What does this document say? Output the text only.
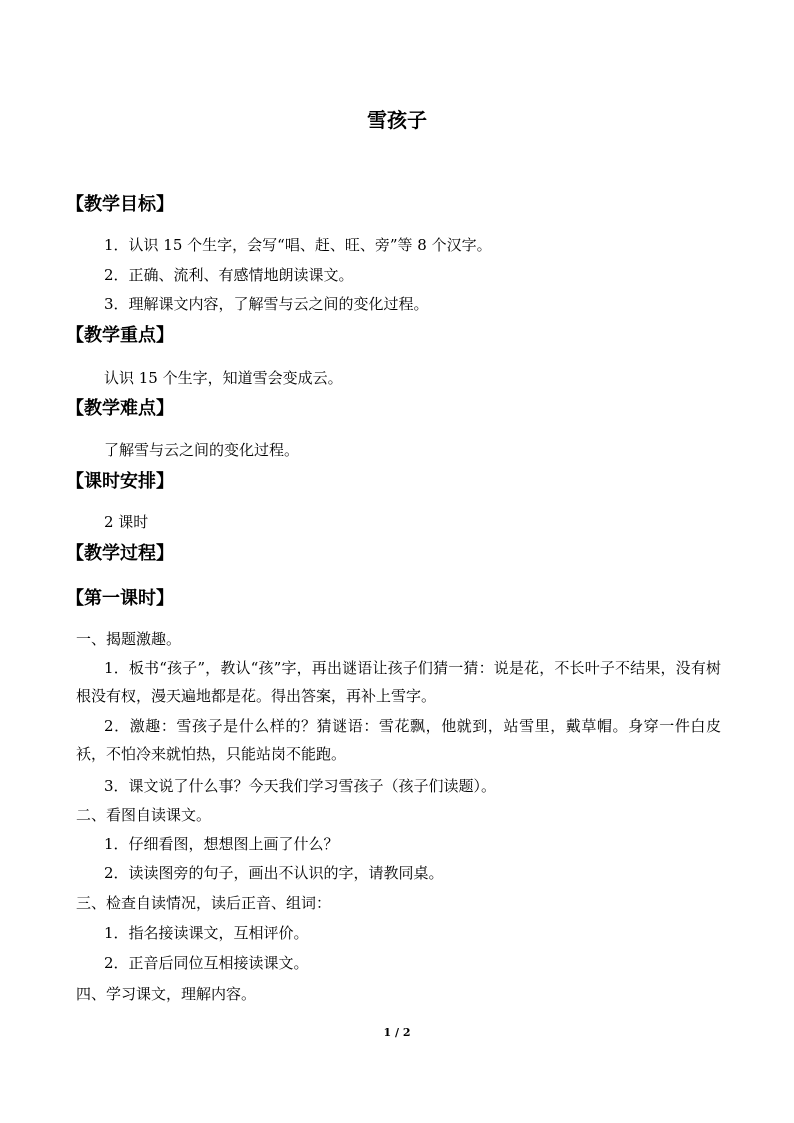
雪孩子
【教学目标】
1．认识 15 个生字，会写“唱、赶、旺、旁”等 8 个汉字。
2．正确、流利、有感情地朗读课文。
3．理解课文内容，了解雪与云之间的变化过程。
【教学重点】
认识 15 个生字，知道雪会变成云。
【教学难点】
了解雪与云之间的变化过程。
【课时安排】
2 课时
【教学过程】
【第一课时】
一、揭题激趣。
1．板书“孩子”，教认“孩”字，再出谜语让孩子们猜一猜：说是花，不长叶子不结果，没有树根没有杈，漫天遍地都是花。得出答案，再补上雪字。
2．激趣：雪孩子是什么样的？猜谜语：雪花飘，他就到，站雪里，戴草帽。身穿一件白皮袄，不怕冷来就怕热，只能站岗不能跑。
3．课文说了什么事？今天我们学习雪孩子（孩子们读题）。
二、看图自读课文。
1．仔细看图，想想图上画了什么？
2．读读图旁的句子，画出不认识的字，请教同桌。
三、检查自读情况，读后正音、组词：
1．指名接读课文，互相评价。
2．正音后同位互相接读课文。
四、学习课文，理解内容。
1 / 2
